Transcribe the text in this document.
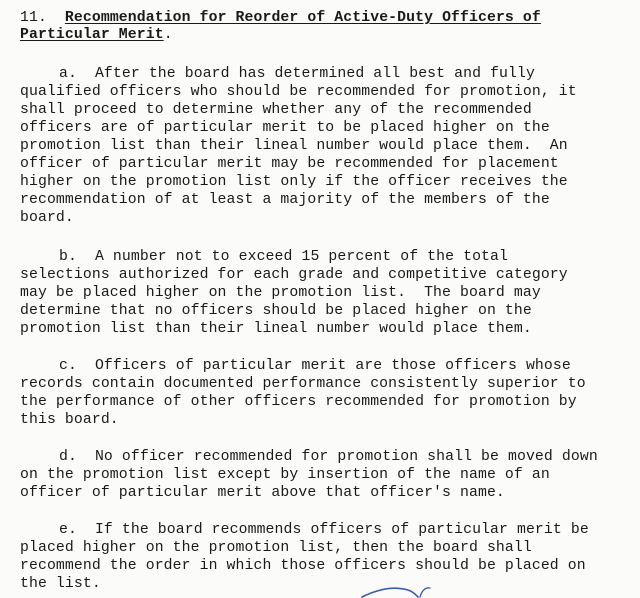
11. Recommendation for Reorder of Active-Duty Officers of
Particular Merit.
a. After the board has determined all best and fully
qualified officers who should be recommended for promotion, it
shall proceed to determine whether any of the recommended
officers are of particular merit to be placed higher on the
promotion list than their lineal number would place them.  An
officer of particular merit may be recommended for placement
higher on the promotion list only if the officer receives the
recommendation of at least a majority of the members of the
board.
b. A number not to exceed 15 percent of the total
selections authorized for each grade and competitive category
may be placed higher on the promotion list.  The board may
determine that no officers should be placed higher on the
promotion list than their lineal number would place them.
c. Officers of particular merit are those officers whose
records contain documented performance consistently superior to
the performance of other officers recommended for promotion by
this board.
d. No officer recommended for promotion shall be moved down
on the promotion list except by insertion of the name of an
officer of particular merit above that officer's name.
e. If the board recommends officers of particular merit be
placed higher on the promotion list, then the board shall
recommend the order in which those officers should be placed on
the list.
